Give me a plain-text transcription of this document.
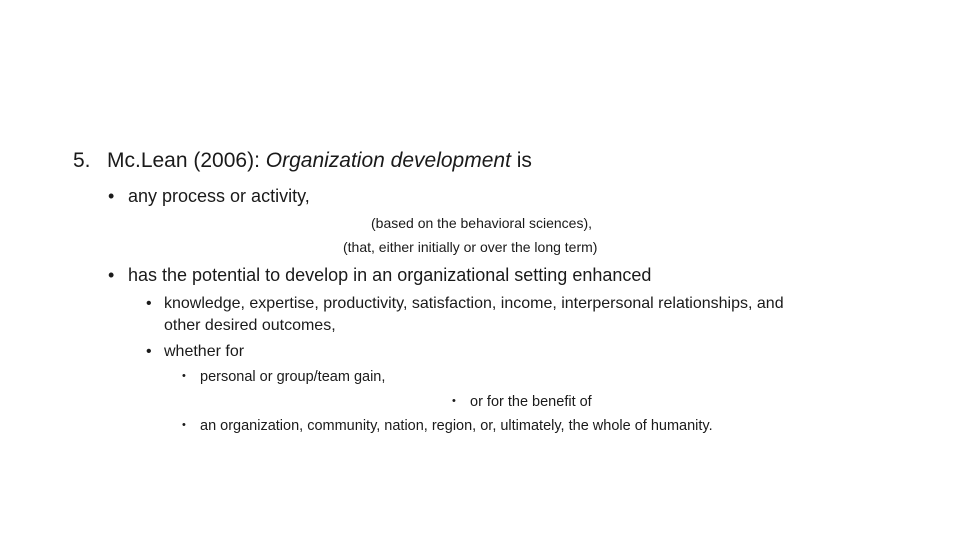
5. Mc.Lean (2006): Organization development is
• any process or activity,
(based on the behavioral sciences),
(that, either initially or over the long term)
• has the potential to develop in an organizational setting enhanced
• knowledge, expertise, productivity, satisfaction, income, interpersonal relationships, and
other desired outcomes,
• whether for
• personal or group/team gain,
• or for the benefit of
• an organization, community, nation, region, or, ultimately, the whole of humanity.
